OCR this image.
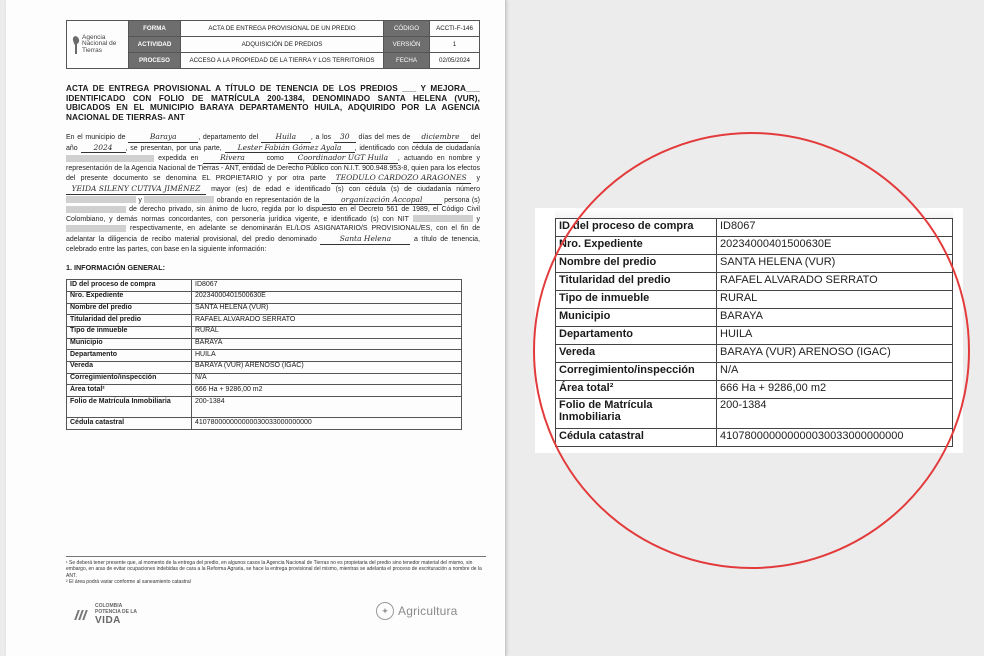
Agencia
Nacional de
Tierras	FORMA	ACTA DE ENTREGA PROVISIONAL DE UN PREDIO	CÓDIGO	ACCTI-F-146
	ACTIVIDAD	ADQUISICIÓN DE PREDIOS	VERSIÓN	1
	PROCESO	ACCESO A LA PROPIEDAD DE LA TIERRA Y LOS TERRITORIOS	FECHA	02/05/2024
ACTA DE ENTREGA PROVISIONAL A TÍTULO DE TENENCIA DE LOS PREDIOS ___ Y MEJORA___ IDENTIFICADO CON FOLIO DE MATRÍCULA 200-1384, DENOMINADO SANTA HELENA (VUR), UBICADOS EN EL MUNICIPIO BARAYA DEPARTAMENTO HUILA, ADQUIRIDO POR LA AGENCIA NACIONAL DE TIERRAS- ANT
En el municipio de	Baraya	, departamento del Huila , a los 30 días del mes de diciembre del año 2024 , se presentan, por una parte, Lester Fabián Gómez Ayala , identificado con cédula de ciudadanía  expedida en	Rivera	como Coordinador UGT Huila , actuando en nombre y representación de la Agencia Nacional de Tierras - ANT, entidad de Derecho Público con N.I.T. 900.948.953-8, quien para los efectos del presente documento se denomina EL PROPIETARIO y por otra parte TEODULO CARDOZO ARAGONES y YEIDA SILENY CUTIVA JIMÉNEZ mayor (es) de edad e identificado (s) con cédula (s) de ciudadanía número  y	obrando en representación de la	organización Accopal	persona (s)  de derecho privado, sin ánimo de lucro, regida por lo dispuesto en el Decreto 561 de 1989, el Código Civil Colombiano, y demás normas concordantes, con personería jurídica vigente, e identificado (s) con NIT	y  respectivamente, en adelante se denominarán EL/LOS ASIGNATARIO/S PROVISIONAL/ES, con el fin de adelantar la diligencia de recibo material provisional, del predio denominado	Santa Helena	a título de tenencia, celebrado entre las partes, con base en la siguiente información:
1. INFORMACIÓN GENERAL:
ID del proceso de compra	ID8067
Nro. Expediente	20234000401500630E
Nombre del predio	SANTA HELENA (VUR)
Titularidad del predio	RAFAEL ALVARADO SERRATO
Tipo de inmueble	RURAL
Municipio	BARAYA
Departamento	HUILA
Vereda	BARAYA (VUR) ARENOSO (IGAC)
Corregimiento/inspección	N/A
Área total²	666 Ha + 9286,00 m2
Folio de Matrícula Inmobiliaria	200-1384
Cédula catastral	410780000000000030033000000000
¹ Se deberá tener presente que, al momento de la entrega del predio, en algunos casos la Agencia Nacional de Tierras no es propietaria del predio sino tenedor material del mismo, sin embargo, en aras de evitar ocupaciones indebidas de cara a la Reforma Agraria, se hace la entrega provisional del mismo, mientras se adelanta el proceso de escrituración a nombre de la ANT.
² El área podrá variar conforme al saneamiento catastral
COLOMBIA
POTENCIA DE LA
VIDA
✦ Agricultura
ID del proceso de compra	ID8067
Nro. Expediente	20234000401500630E
Nombre del predio	SANTA HELENA (VUR)
Titularidad del predio	RAFAEL ALVARADO SERRATO
Tipo de inmueble	RURAL
Municipio	BARAYA
Departamento	HUILA
Vereda	BARAYA (VUR) ARENOSO (IGAC)
Corregimiento/inspección	N/A
Área total²	666 Ha + 9286,00 m2
Folio de Matrícula Inmobiliaria	200-1384
Cédula catastral	410780000000000030033000000000
